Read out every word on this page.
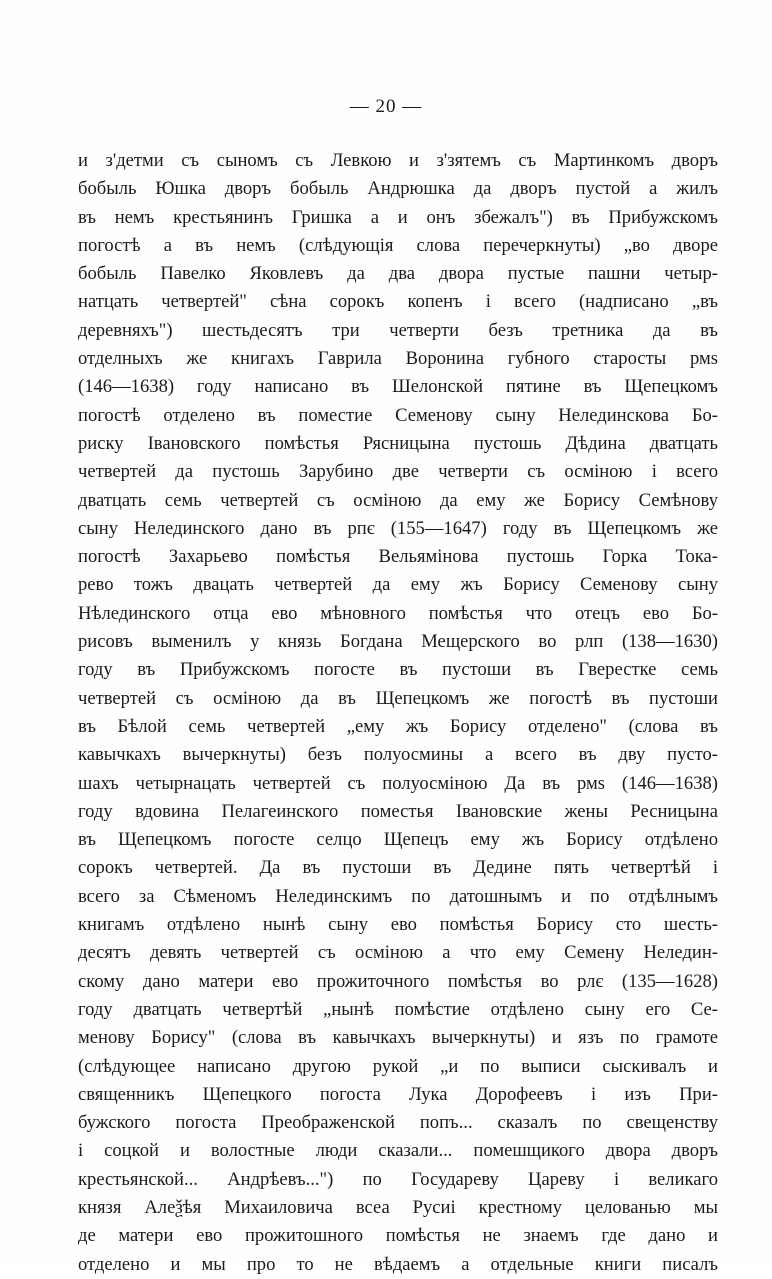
— 20 —
и з'детми съ сыномъ съ Левкою и з'зятемъ съ Мартинкомъ дворъ
бобыль Юшка дворъ бобыль Андрюшка да дворъ пустой а жилъ
въ немъ крестьянинъ Гришка а и онъ збежалъ") въ Прибужскомъ
погостѣ а въ немъ (слѣдующія слова перечеркнуты) „во дворе
бобыль Павелко Яковлевъ да два двора пустые пашни четыр-
натцать четвертей" сѣна сорокъ копенъ і всего (надписано „въ
деревняхъ") шестьдесятъ три четверти безъ третника да въ
отделныхъ же книгахъ Гаврила Воронина губного старосты рмѕ
(146—1638) году написано въ Шелонской пятине въ Щепецкомъ
погостѣ отделено въ поместие Семенову сыну Нелединскова Бо-
риску Івановского помѣстья Рясницына пустошь Дѣдина дватцать
четвертей да пустошь Зарубино две четверти съ осміною і всего
дватцать семь четвертей съ осміною да ему же Борису Семѣнову
сыну Нелединского дано въ рпє (155—1647) году въ Щепецкомъ же
погостѣ Захарьево помѣстья Вельямінова пустошь Горка Тока-
рево тожъ двацать четвертей да ему жъ Борису Семенову сыну
Нѣлединского отца ево мѣновного помѣстья что отецъ ево Бо-
рисовъ выменилъ у князь Богдана Мещерского во рлп (138—1630)
году въ Прибужскомъ погосте въ пустоши въ Гверестке семь
четвертей съ осміною да въ Щепецкомъ же погостѣ въ пустоши
въ Бѣлой семь четвертей „ему жъ Борису отделено" (слова въ
кавычкахъ вычеркнуты) безъ полуосмины а всего въ дву пусто-
шахъ четырнацать четвертей съ полуосміною Да въ рмѕ (146—1638)
году вдовина Пелагеинского поместья Івановские жены Ресницына
въ Щепецкомъ погосте селцо Щепецъ ему жъ Борису отдѣлено
сорокъ четвертей. Да въ пустоши въ Дедине пять четвертѣй і
всего за Сѣменомъ Нелединскимъ по датошнымъ и по отдѣлнымъ
книгамъ отдѣлено нынѣ сыну ево помѣстья Борису сто шесть-
десятъ девять четвертей съ осміною а что ему Семену Неледин-
скому дано матери ево прожиточного помѣстья во рлє (135—1628)
году дватцать четвертѣй „нынѣ помѣстие отдѣлено сыну его Се-
менову Борису" (слова въ кавычкахъ вычеркнуты) и язъ по грамоте
(слѣдующее написано другою рукой „и по выписи сыскивалъ и
священникъ Щепецкого погоста Лука Дорофеевъ і изъ При-
бужского погоста Преображенской попъ... сказалъ по свещенству
і соцкой и волостные люди сказали... помешщикого двора дворъ
крестьянской... Андрѣевъ...") по Государеву Цареву і великаго
князя Алеѯѣя Михаиловича всеа Русиі крестному целованью мы
де матери ево прожитошного помѣстья не знаемъ где дано и
отделено и мы про то не вѣдаемъ а отдельные книги писалъ
